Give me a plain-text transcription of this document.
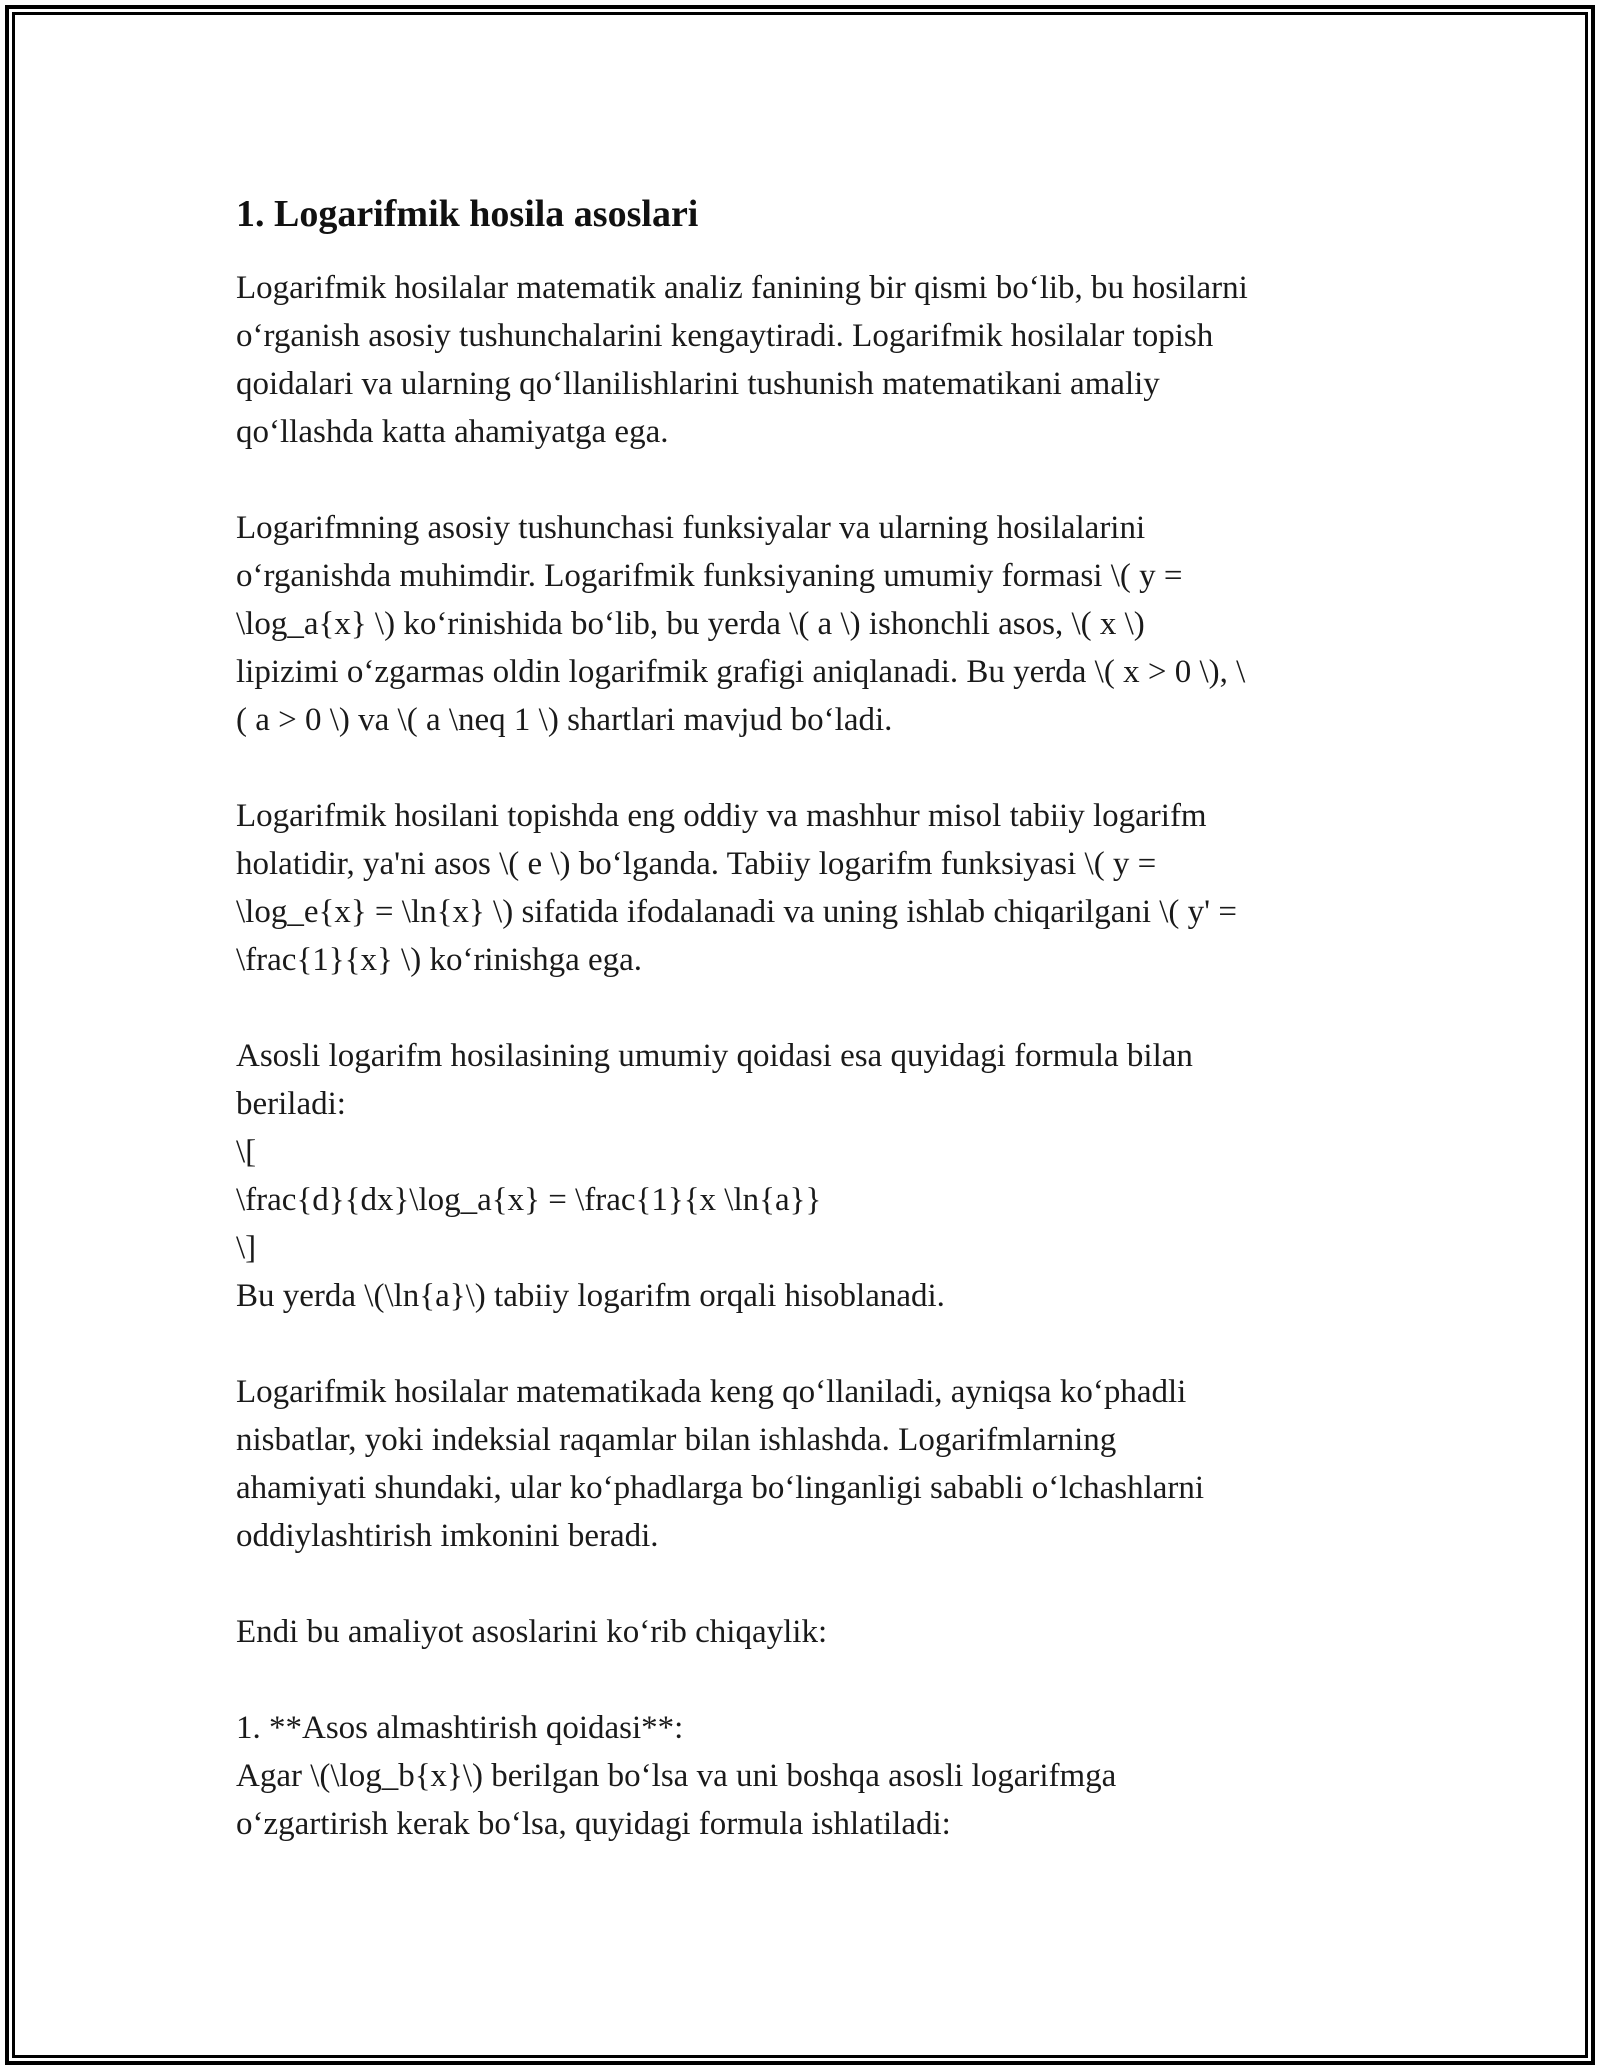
1. Logarifmik hosila asoslari

Logarifmik hosilalar matematik analiz fanining bir qismi bo‘lib, bu hosilarni
o‘rganish asosiy tushunchalarini kengaytiradi. Logarifmik hosilalar topish
qoidalari va ularning qo‘llanilishlarini tushunish matematikani amaliy
qo‘llashda katta ahamiyatga ega.

Logarifmning asosiy tushunchasi funksiyalar va ularning hosilalarini
o‘rganishda muhimdir. Logarifmik funksiyaning umumiy formasi \( y =
\log_a{x} \) ko‘rinishida bo‘lib, bu yerda \( a \) ishonchli asos, \( x \)
lipizimi o‘zgarmas oldin logarifmik grafigi aniqlanadi. Bu yerda \( x > 0 \), \
( a > 0 \) va \( a \neq 1 \) shartlari mavjud bo‘ladi.

Logarifmik hosilani topishda eng oddiy va mashhur misol tabiiy logarifm
holatidir, ya'ni asos \( e \) bo‘lganda. Tabiiy logarifm funksiyasi \( y =
\log_e{x} = \ln{x} \) sifatida ifodalanadi va uning ishlab chiqarilgani \( y' =
\frac{1}{x} \) ko‘rinishga ega.

Asosli logarifm hosilasining umumiy qoidasi esa quyidagi formula bilan
beriladi:
\[
\frac{d}{dx}\log_a{x} = \frac{1}{x \ln{a}}
\]
Bu yerda \(\ln{a}\) tabiiy logarifm orqali hisoblanadi.

Logarifmik hosilalar matematikada keng qo‘llaniladi, ayniqsa ko‘phadli
nisbatlar, yoki indeksial raqamlar bilan ishlashda. Logarifmlarning
ahamiyati shundaki, ular ko‘phadlarga bo‘linganligi sababli o‘lchashlarni
oddiylashtirish imkonini beradi.

Endi bu amaliyot asoslarini ko‘rib chiqaylik:

1. **Asos almashtirish qoidasi**:
Agar \(\log_b{x}\) berilgan bo‘lsa va uni boshqa asosli logarifmga
o‘zgartirish kerak bo‘lsa, quyidagi formula ishlatiladi:
